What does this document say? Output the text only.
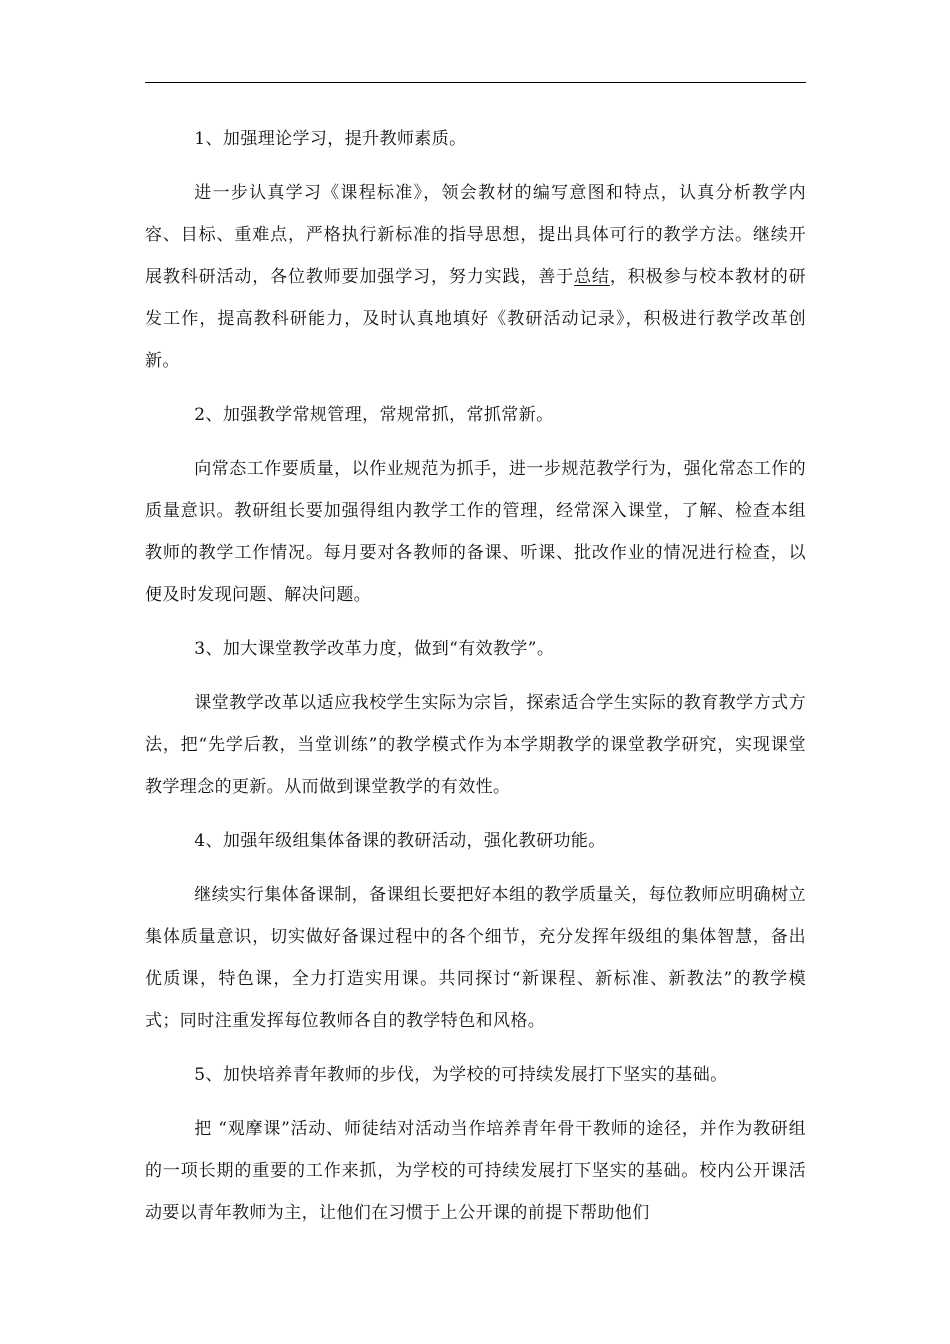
1、加强理论学习，提升教师素质。

进一步认真学习《课程标准》，领会教材的编写意图和特点，认真分析教学内容、目标、重难点，严格执行新标准的指导思想，提出具体可行的教学方法。继续开展教科研活动，各位教师要加强学习，努力实践，善于总结，积极参与校本教材的研发工作，提高教科研能力，及时认真地填好《教研活动记录》，积极进行教学改革创新。

2、加强教学常规管理，常规常抓，常抓常新。

向常态工作要质量，以作业规范为抓手，进一步规范教学行为，强化常态工作的质量意识。教研组长要加强得组内教学工作的管理，经常深入课堂，了解、检查本组教师的教学工作情况。每月要对各教师的备课、听课、批改作业的情况进行检查，以便及时发现问题、解决问题。

3、加大课堂教学改革力度，做到“有效教学”。

课堂教学改革以适应我校学生实际为宗旨，探索适合学生实际的教育教学方式方法，把“先学后教，当堂训练”的教学模式作为本学期教学的课堂教学研究，实现课堂教学理念的更新。从而做到课堂教学的有效性。

4、加强年级组集体备课的教研活动，强化教研功能。

继续实行集体备课制，备课组长要把好本组的教学质量关，每位教师应明确树立集体质量意识，切实做好备课过程中的各个细节，充分发挥年级组的集体智慧，备出优质课，特色课，全力打造实用课。共同探讨“新课程、新标准、新教法”的教学模式；同时注重发挥每位教师各自的教学特色和风格。

5、加快培养青年教师的步伐，为学校的可持续发展打下坚实的基础。

把 “观摩课”活动、师徒结对活动当作培养青年骨干教师的途径，并作为教研组的一项长期的重要的工作来抓，为学校的可持续发展打下坚实的基础。校内公开课活动要以青年教师为主，让他们在习惯于上公开课的前提下帮助他们
